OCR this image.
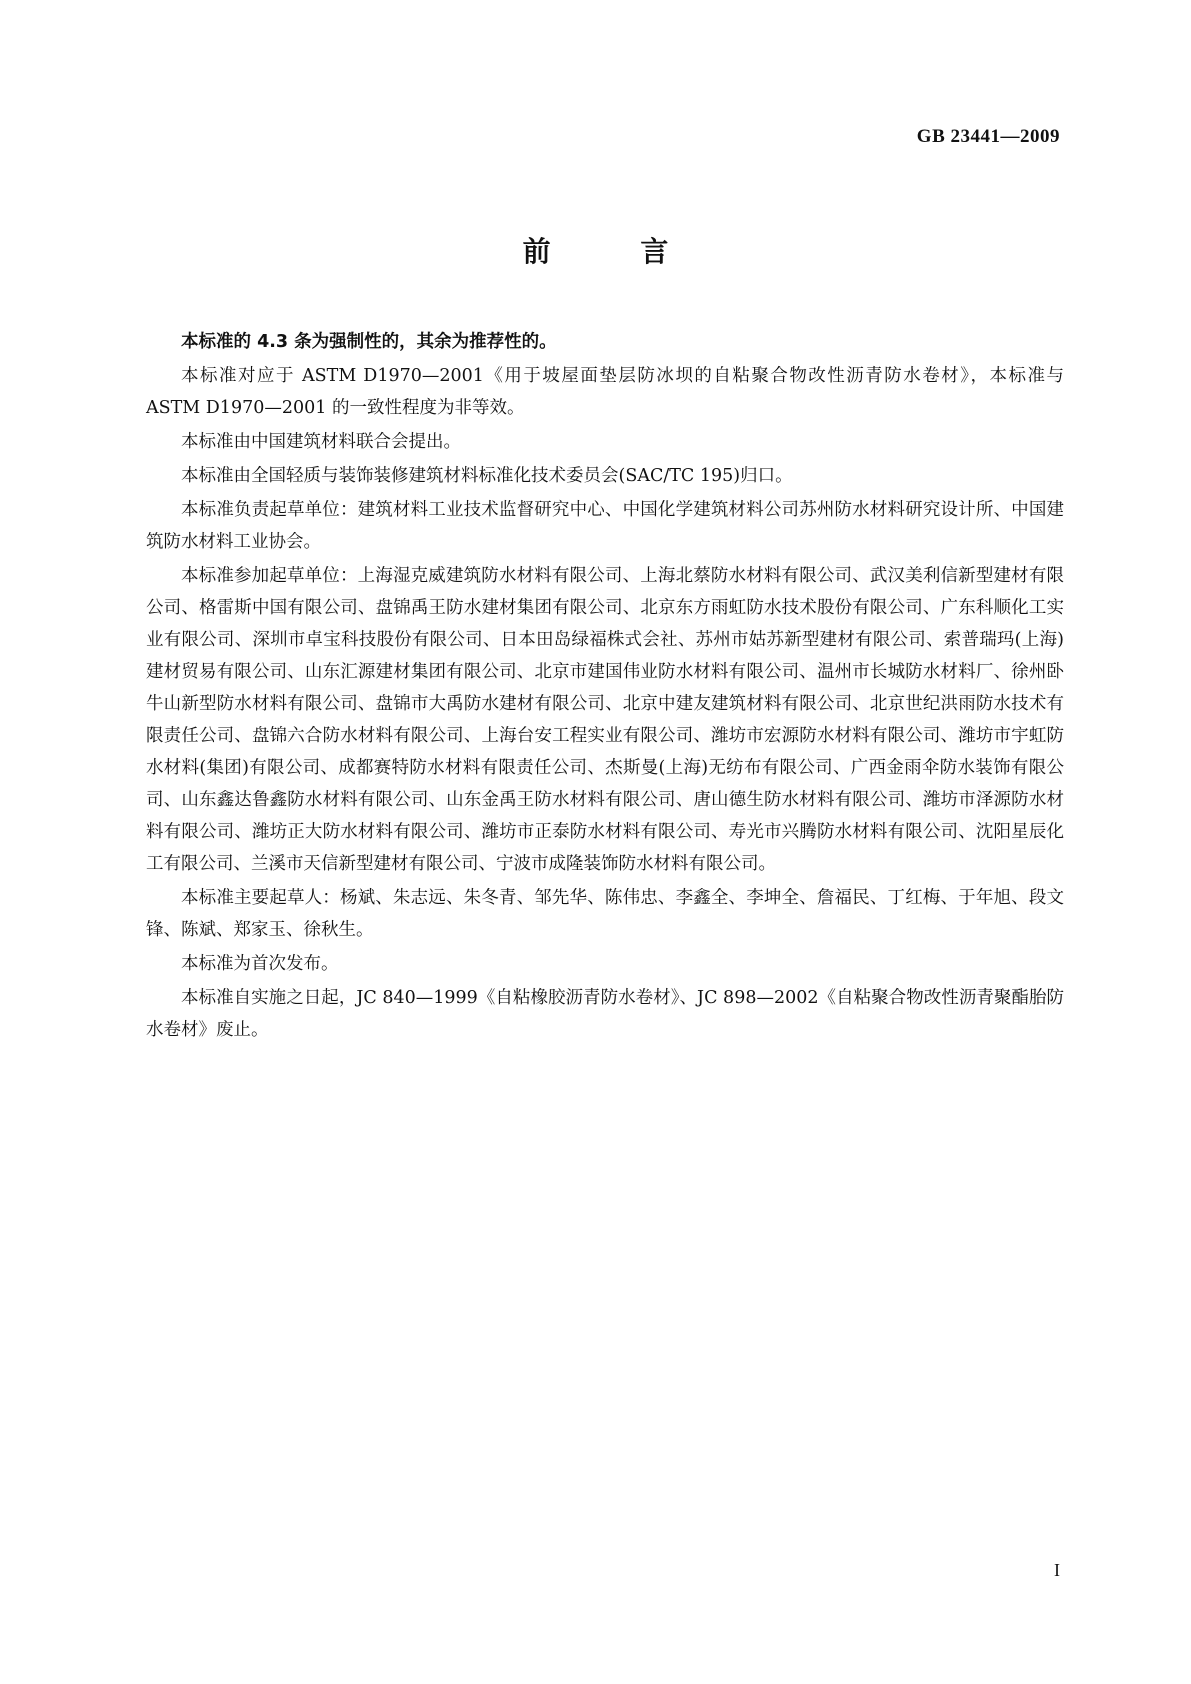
GB 23441—2009
前 言

本标准的 4.3 条为强制性的，其余为推荐性的。

本标准对应于 ASTM D1970—2001《用于坡屋面垫层防冰坝的自粘聚合物改性沥青防水卷材》，本标准与 ASTM D1970—2001 的一致性程度为非等效。

本标准由中国建筑材料联合会提出。

本标准由全国轻质与装饰装修建筑材料标准化技术委员会(SAC/TC 195)归口。

本标准负责起草单位：建筑材料工业技术监督研究中心、中国化学建筑材料公司苏州防水材料研究设计所、中国建筑防水材料工业协会。

本标准参加起草单位：上海湿克威建筑防水材料有限公司、上海北蔡防水材料有限公司、武汉美利信新型建材有限公司、格雷斯中国有限公司、盘锦禹王防水建材集团有限公司、北京东方雨虹防水技术股份有限公司、广东科顺化工实业有限公司、深圳市卓宝科技股份有限公司、日本田岛绿福株式会社、苏州市姑苏新型建材有限公司、索普瑞玛(上海)建材贸易有限公司、山东汇源建材集团有限公司、北京市建国伟业防水材料有限公司、温州市长城防水材料厂、徐州卧牛山新型防水材料有限公司、盘锦市大禹防水建材有限公司、北京中建友建筑材料有限公司、北京世纪洪雨防水技术有限责任公司、盘锦六合防水材料有限公司、上海台安工程实业有限公司、潍坊市宏源防水材料有限公司、潍坊市宇虹防水材料(集团)有限公司、成都赛特防水材料有限责任公司、杰斯曼(上海)无纺布有限公司、广西金雨伞防水装饰有限公司、山东鑫达鲁鑫防水材料有限公司、山东金禹王防水材料有限公司、唐山德生防水材料有限公司、潍坊市泽源防水材料有限公司、潍坊正大防水材料有限公司、潍坊市正泰防水材料有限公司、寿光市兴腾防水材料有限公司、沈阳星辰化工有限公司、兰溪市天信新型建材有限公司、宁波市成隆装饰防水材料有限公司。

本标准主要起草人：杨斌、朱志远、朱冬青、邹先华、陈伟忠、李鑫全、李坤全、詹福民、丁红梅、于年旭、段文锋、陈斌、郑家玉、徐秋生。

本标准为首次发布。

本标准自实施之日起，JC 840—1999《自粘橡胶沥青防水卷材》、JC 898—2002《自粘聚合物改性沥青聚酯胎防水卷材》废止。

I
